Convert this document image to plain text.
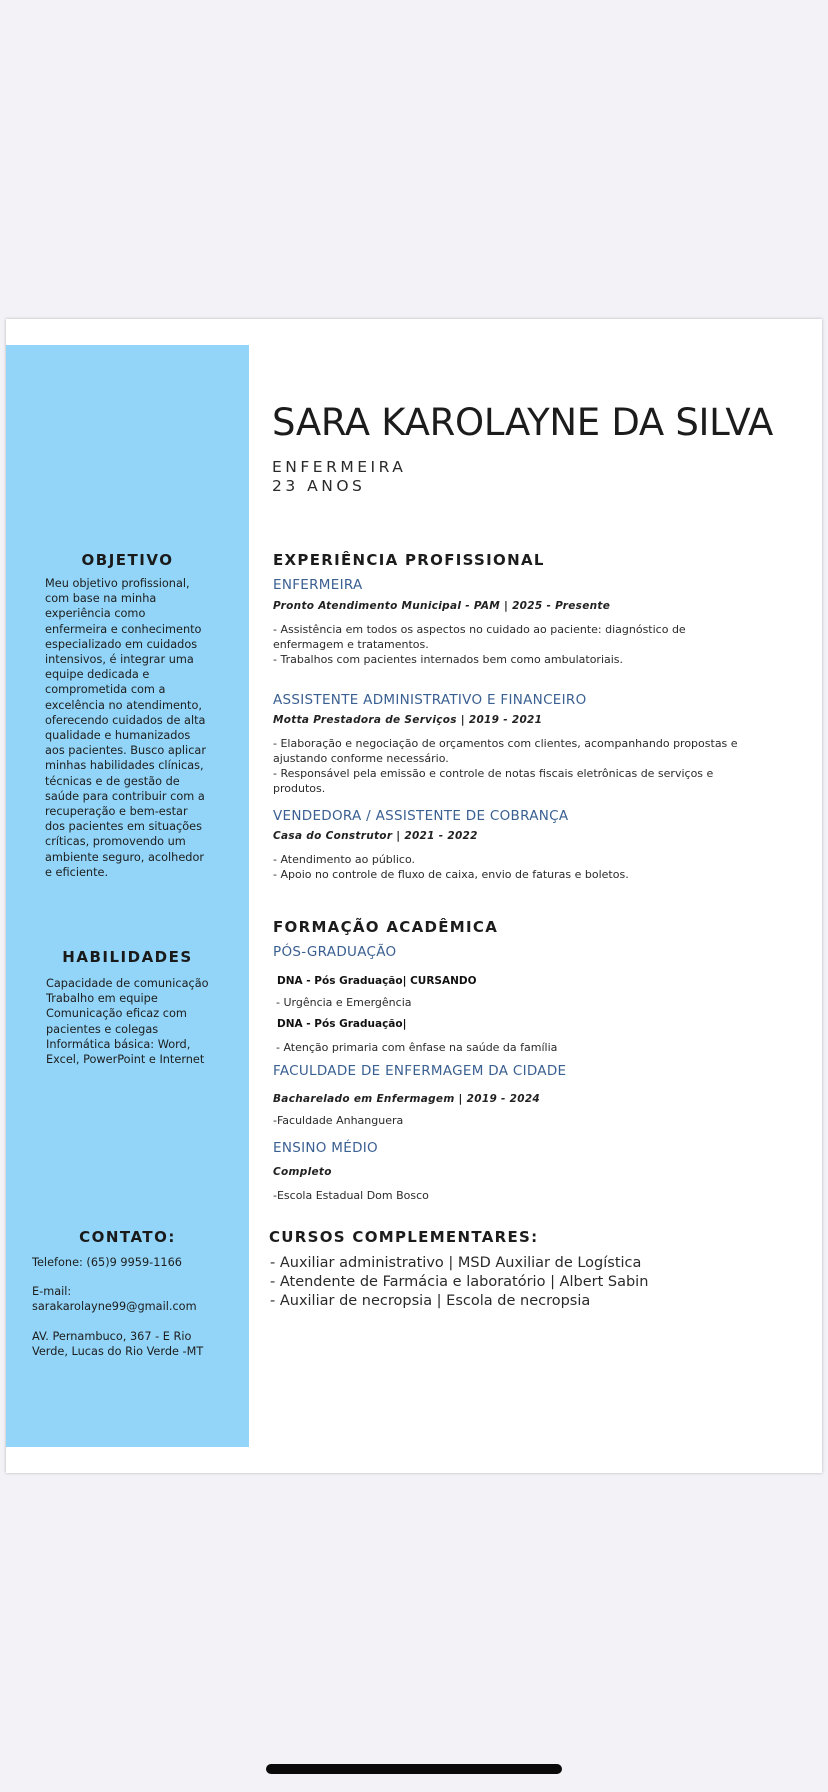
OBJETIVO
Meu objetivo profissional,
com base na minha
experiência como
enfermeira e conhecimento
especializado em cuidados
intensivos, é integrar uma
equipe dedicada e
comprometida com a
excelência no atendimento,
oferecendo cuidados de alta
qualidade e humanizados
aos pacientes. Busco aplicar
minhas habilidades clínicas,
técnicas e de gestão de
saúde para contribuir com a
recuperação e bem-estar
dos pacientes em situações
críticas, promovendo um
ambiente seguro, acolhedor
e eficiente.
HABILIDADES
Capacidade de comunicação
Trabalho em equipe
Comunicação eficaz com
pacientes e colegas
Informática básica: Word,
Excel, PowerPoint e Internet
CONTATO:
Telefone: (65)9 9959-1166
E-mail:
sarakarolayne99@gmail.com
AV. Pernambuco, 367 - E Rio
Verde, Lucas do Rio Verde -MT
SARA KAROLAYNE DA SILVA
ENFERMEIRA
23 ANOS
EXPERIÊNCIA PROFISSIONAL
ENFERMEIRA
Pronto Atendimento Municipal - PAM | 2025 - Presente
- Assistência em todos os aspectos no cuidado ao paciente: diagnóstico de
enfermagem e tratamentos.
- Trabalhos com pacientes internados bem como ambulatoriais.
ASSISTENTE ADMINISTRATIVO E FINANCEIRO
Motta Prestadora de Serviços | 2019 - 2021
- Elaboração e negociação de orçamentos com clientes, acompanhando propostas e
ajustando conforme necessário.
- Responsável pela emissão e controle de notas fiscais eletrônicas de serviços e
produtos.
VENDEDORA / ASSISTENTE DE COBRANÇA
Casa do Construtor | 2021 - 2022
- Atendimento ao público.
- Apoio no controle de fluxo de caixa, envio de faturas e boletos.
FORMAÇÃO ACADÊMICA
PÓS-GRADUAÇÃO
DNA - Pós Graduação| CURSANDO
- Urgência e Emergência
DNA - Pós Graduação|
- Atenção primaria com ênfase na saúde da família
FACULDADE DE ENFERMAGEM DA CIDADE
Bacharelado em Enfermagem | 2019 - 2024
-Faculdade Anhanguera
ENSINO MÉDIO
Completo
-Escola Estadual Dom Bosco
CURSOS COMPLEMENTARES:
- Auxiliar administrativo | MSD Auxiliar de Logística
- Atendente de Farmácia e laboratório | Albert Sabin
- Auxiliar de necropsia | Escola de necropsia
